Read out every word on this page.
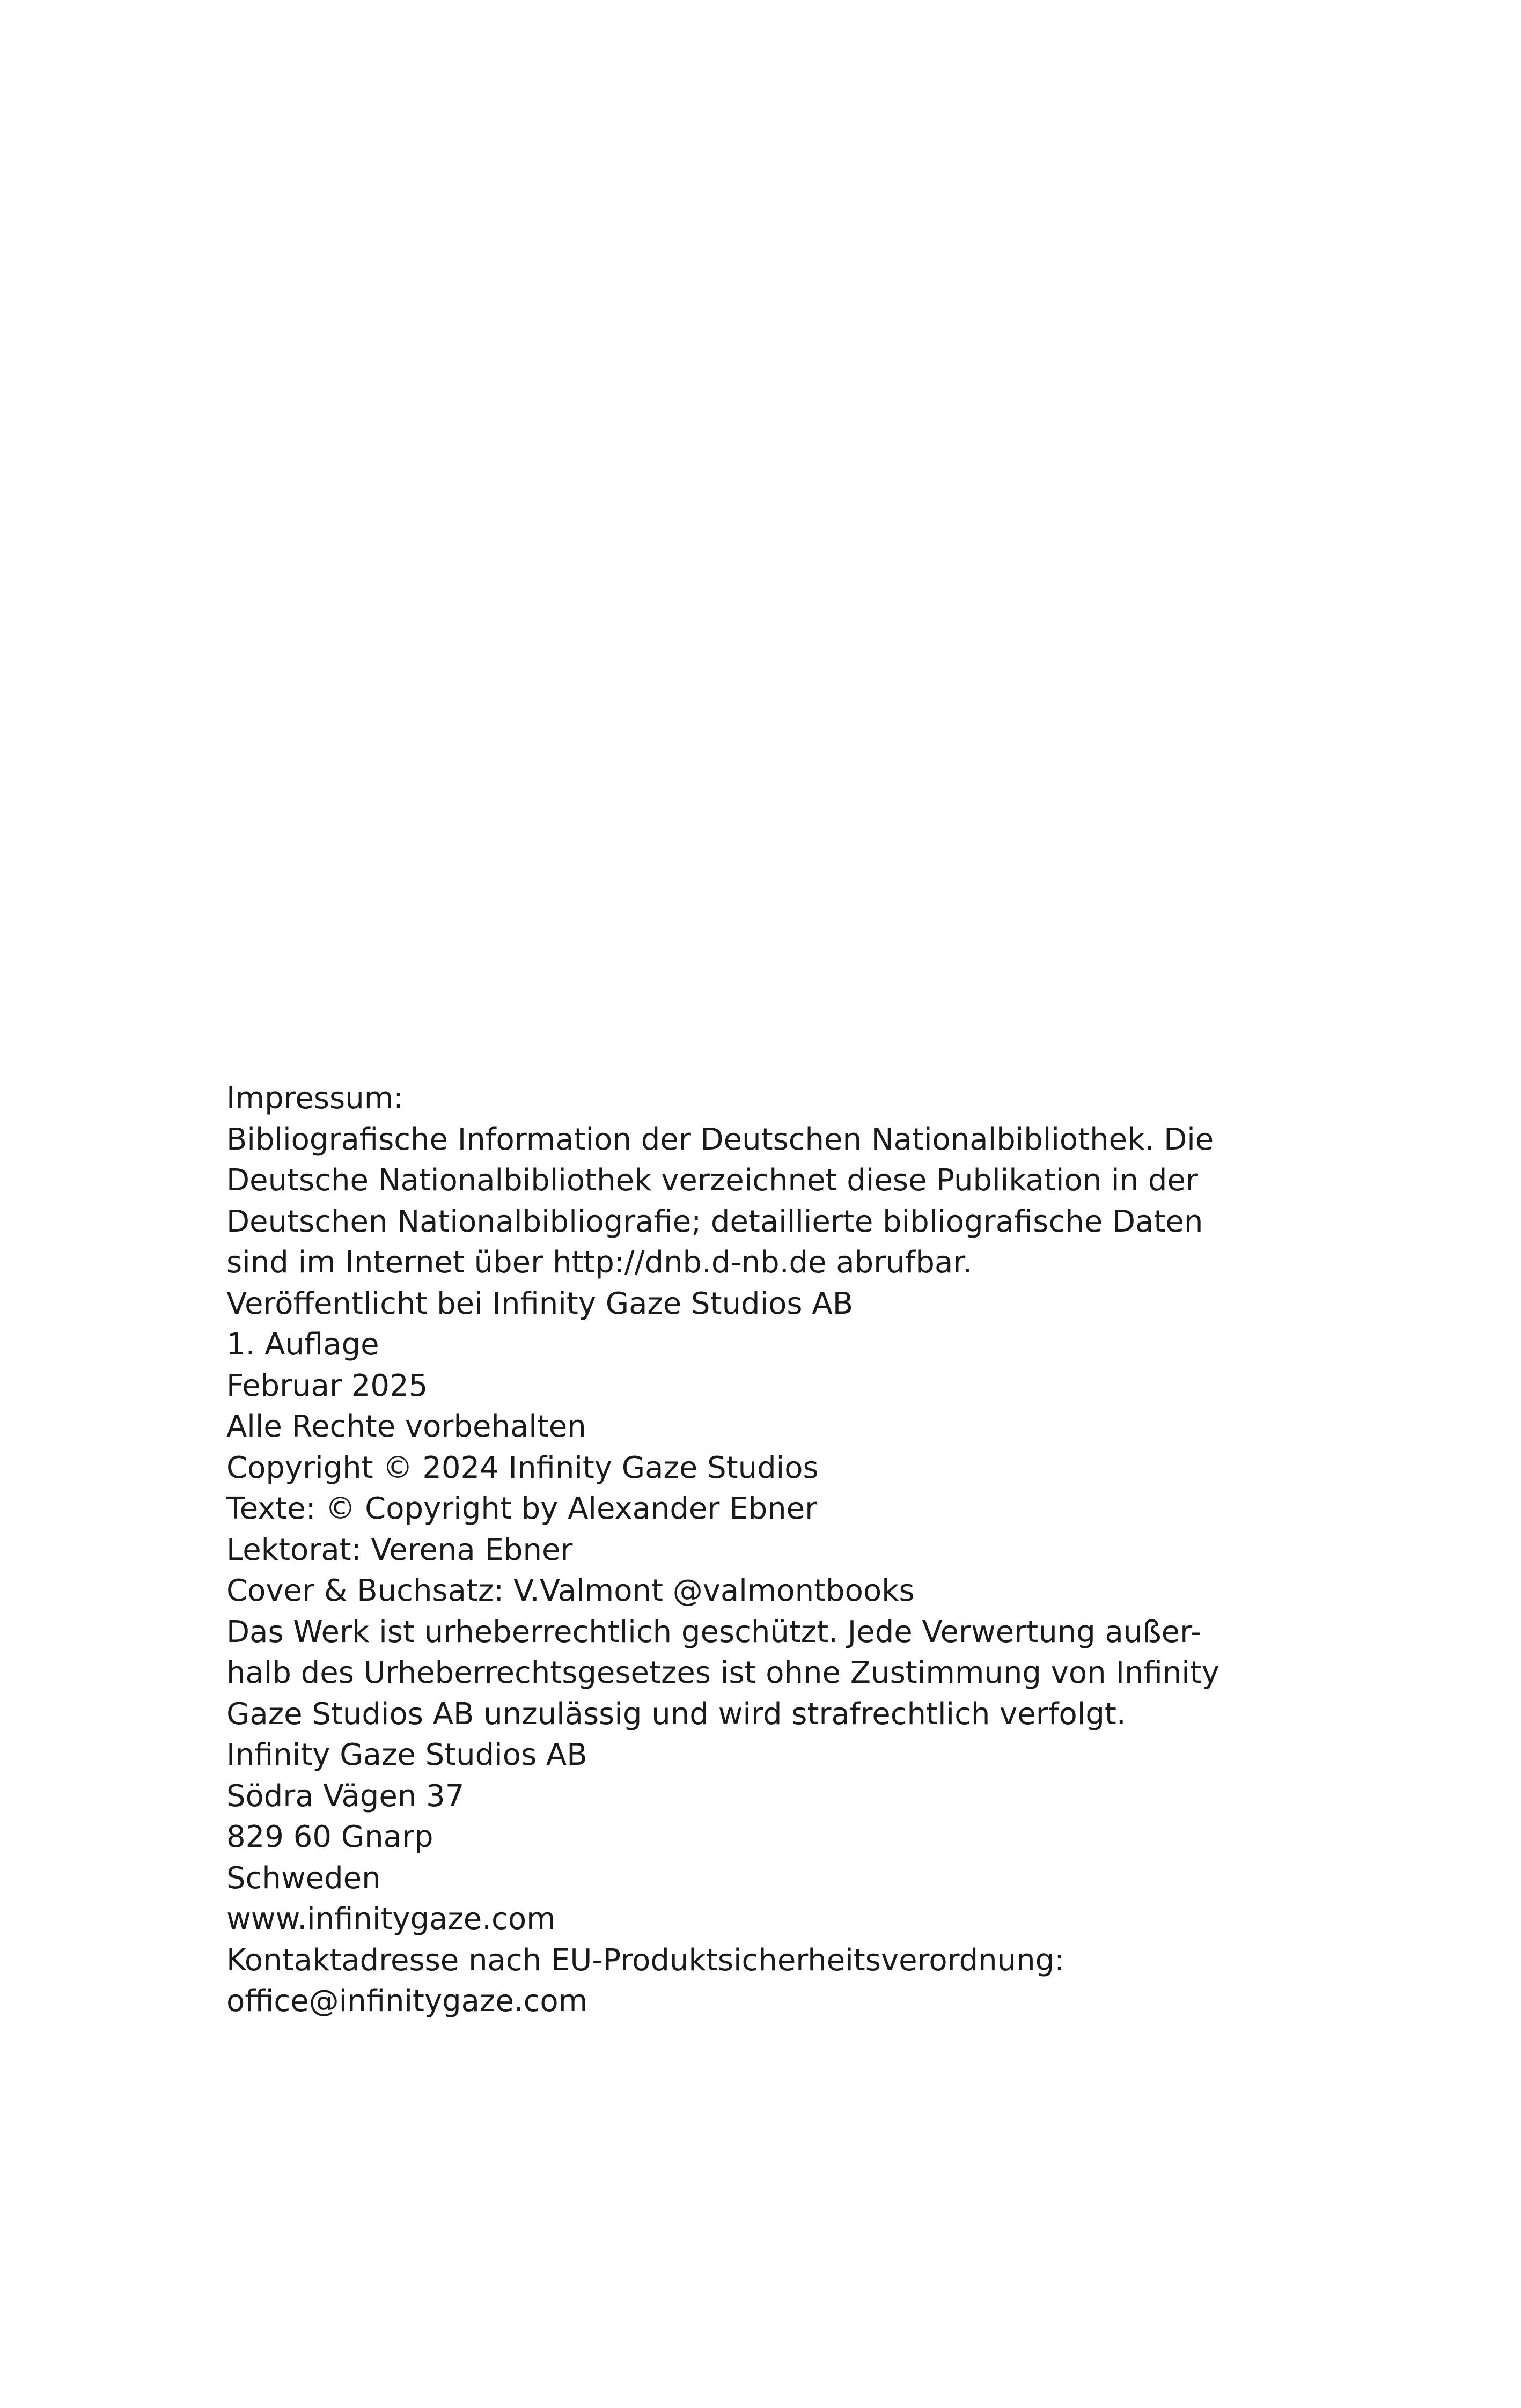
Impressum:
Bibliografische Information der Deutschen Nationalbibliothek. Die
Deutsche Nationalbibliothek verzeichnet diese Publikation in der
Deutschen Nationalbibliografie; detaillierte bibliografische Daten
sind im Internet über http://dnb.d-nb.de abrufbar.
Veröffentlicht bei Infinity Gaze Studios AB
1. Auflage
Februar 2025
Alle Rechte vorbehalten
Copyright © 2024 Infinity Gaze Studios
Texte: © Copyright by Alexander Ebner
Lektorat: Verena Ebner
Cover & Buchsatz: V.Valmont @valmontbooks
Das Werk ist urheberrechtlich geschützt. Jede Verwertung außer-
halb des Urheberrechtsgesetzes ist ohne Zustimmung von Infinity
Gaze Studios AB unzulässig und wird strafrechtlich verfolgt.
Infinity Gaze Studios AB
Södra Vägen 37
829 60 Gnarp
Schweden
www.infinitygaze.com
Kontaktadresse nach EU-Produktsicherheitsverordnung:
office@infinitygaze.com
